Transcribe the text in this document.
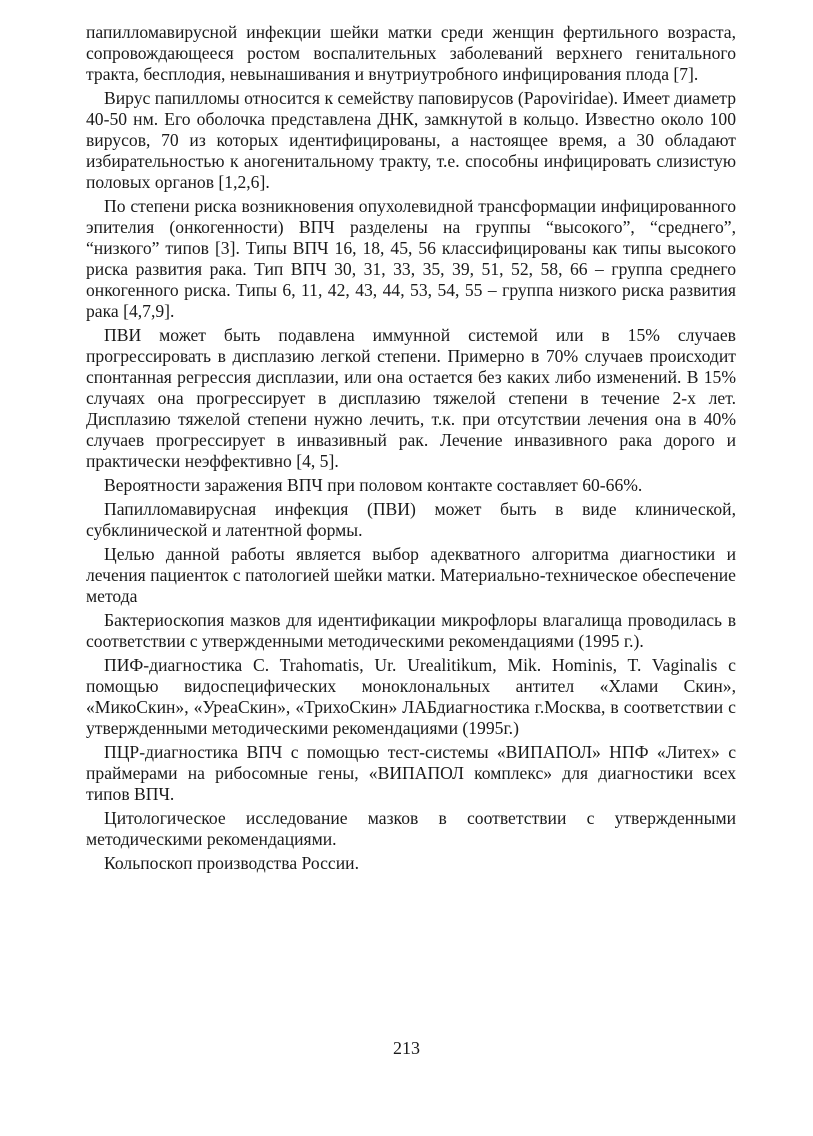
папилломавирусной инфекции шейки матки среди женщин фертильного возраста, сопровождающееся ростом воспалительных заболеваний верхнего генитального тракта, бесплодия, невынашивания и внутриутробного инфицирования плода [7].

Вирус папилломы относится к семейству паповирусов (Papoviridae). Имеет диаметр 40-50 нм. Его оболочка представлена ДНК, замкнутой в кольцо. Известно около 100 вирусов, 70 из которых идентифицированы, а настоящее время, а 30 обладают избирательностью к аногенитальному тракту, т.е. способны инфицировать слизистую половых органов [1,2,6].

По степени риска возникновения опухолевидной трансформации инфицированного эпителия (онкогенности) ВПЧ разделены на группы “высокого”, “среднего”, “низкого” типов [3]. Типы ВПЧ 16, 18, 45, 56 классифицированы как типы высокого риска развития рака. Тип ВПЧ 30, 31, 33, 35, 39, 51, 52, 58, 66 – группа среднего онкогенного риска. Типы 6, 11, 42, 43, 44, 53, 54, 55 – группа низкого риска развития рака [4,7,9].

ПВИ может быть подавлена иммунной системой или в 15% случаев прогрессировать в дисплазию легкой степени. Примерно в 70% случаев происходит спонтанная регрессия дисплазии, или она остается без каких либо изменений. В 15% случаях она прогрессирует в дисплазию тяжелой степени в течение 2-х лет. Дисплазию тяжелой степени нужно лечить, т.к. при отсутствии лечения она в 40% случаев прогрессирует в инвазивный рак. Лечение инвазивного рака дорого и практически неэффективно [4, 5].

Вероятности заражения ВПЧ при половом контакте составляет 60-66%.

Папилломавирусная инфекция (ПВИ) может быть в виде клинической, субклинической и латентной формы.

Целью данной работы является выбор адекватного алгоритма диагностики и лечения пациенток с патологией шейки матки. Материально-техническое обеспечение метода

Бактериоскопия мазков для идентификации микрофлоры влагалища проводилась в соответствии с утвержденными методическими рекомендациями (1995 г.).

ПИФ-диагностика C. Trahomatis, Ur. Urealitikum, Mik. Hominis, T. Vaginalis с помощью видоспецифических моноклональных антител «Хлами Скин», «МикоСкин», «УреаСкин», «ТрихоСкин» ЛАБдиагностика г.Москва, в соответствии с утвержденными методическими рекомендациями (1995г.)

ПЦР-диагностика ВПЧ с помощью тест-системы «ВИПАПОЛ» НПФ «Литех» с праймерами на рибосомные гены, «ВИПАПОЛ комплекс» для диагностики всех типов ВПЧ.

Цитологическое исследование мазков в соответствии с утвержденными методическими рекомендациями.

Кольпоскоп производства России.

213
